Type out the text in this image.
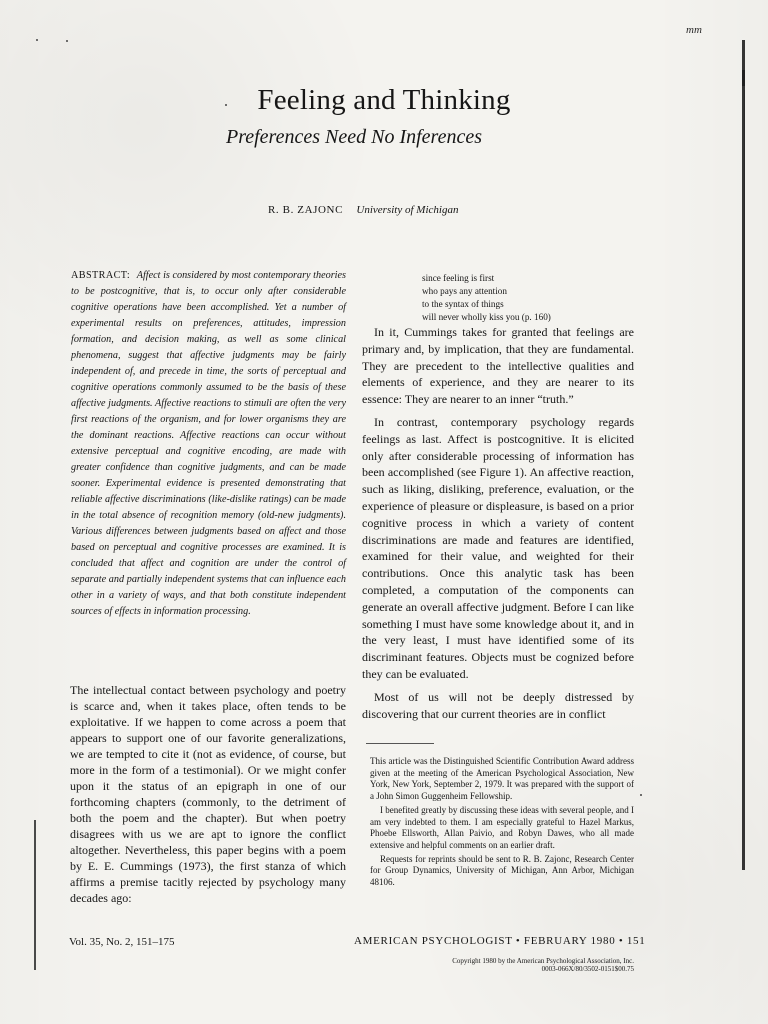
mm
Feeling and Thinking
Preferences Need No Inferences
R. B. ZAJONC University of Michigan
ABSTRACT: Affect is considered by most contemporary theories to be postcognitive, that is, to occur only after considerable cognitive operations have been accomplished. Yet a number of experimental results on preferences, attitudes, impression formation, and decision making, as well as some clinical phenomena, suggest that affective judgments may be fairly independent of, and precede in time, the sorts of perceptual and cognitive operations commonly assumed to be the basis of these affective judgments. Affective reactions to stimuli are often the very first reactions of the organism, and for lower organisms they are the dominant reactions. Affective reactions can occur without extensive perceptual and cognitive encoding, are made with greater confidence than cognitive judgments, and can be made sooner. Experimental evidence is presented demonstrating that reliable affective discriminations (like-dislike ratings) can be made in the total absence of recognition memory (old-new judgments). Various differences between judgments based on affect and those based on perceptual and cognitive processes are examined. It is concluded that affect and cognition are under the control of separate and partially independent systems that can influence each other in a variety of ways, and that both constitute independent sources of effects in information processing.

The intellectual contact between psychology and poetry is scarce and, when it takes place, often tends to be exploitative. If we happen to come across a poem that appears to support one of our favorite generalizations, we are tempted to cite it (not as evidence, of course, but more in the form of a testimonial). Or we might confer upon it the status of an epigraph in one of our forthcoming chapters (commonly, to the detriment of both the poem and the chapter). But when poetry disagrees with us we are apt to ignore the conflict altogether. Nevertheless, this paper begins with a poem by E. E. Cummings (1973), the first stanza of which affirms a premise tacitly rejected by psychology many decades ago:

since feeling is first
who pays any attention
to the syntax of things
will never wholly kiss you (p. 160)

In it, Cummings takes for granted that feelings are primary and, by implication, that they are fundamental. They are precedent to the intellective qualities and elements of experience, and they are nearer to its essence: They are nearer to an inner “truth.”

In contrast, contemporary psychology regards feelings as last. Affect is postcognitive. It is elicited only after considerable processing of information has been accomplished (see Figure 1). An affective reaction, such as liking, disliking, preference, evaluation, or the experience of pleasure or displeasure, is based on a prior cognitive process in which a variety of content discriminations are made and features are identified, examined for their value, and weighted for their contributions. Once this analytic task has been completed, a computation of the components can generate an overall affective judgment. Before I can like something I must have some knowledge about it, and in the very least, I must have identified some of its discriminant features. Objects must be cognized before they can be evaluated.

Most of us will not be deeply distressed by discovering that our current theories are in conflict

This article was the Distinguished Scientific Contribution Award address given at the meeting of the American Psychological Association, New York, New York, September 2, 1979. It was prepared with the support of a John Simon Guggenheim Fellowship.

I benefited greatly by discussing these ideas with several people, and I am very indebted to them. I am especially grateful to Hazel Markus, Phoebe Ellsworth, Allan Paivio, and Robyn Dawes, who all made extensive and helpful comments on an earlier draft.

Requests for reprints should be sent to R. B. Zajonc, Research Center for Group Dynamics, University of Michigan, Ann Arbor, Michigan 48106.

Vol. 35, No. 2, 151–175	AMERICAN PSYCHOLOGIST • FEBRUARY 1980 • 151
Copyright 1980 by the American Psychological Association, Inc.
0003-066X/80/3502-0151$00.75
